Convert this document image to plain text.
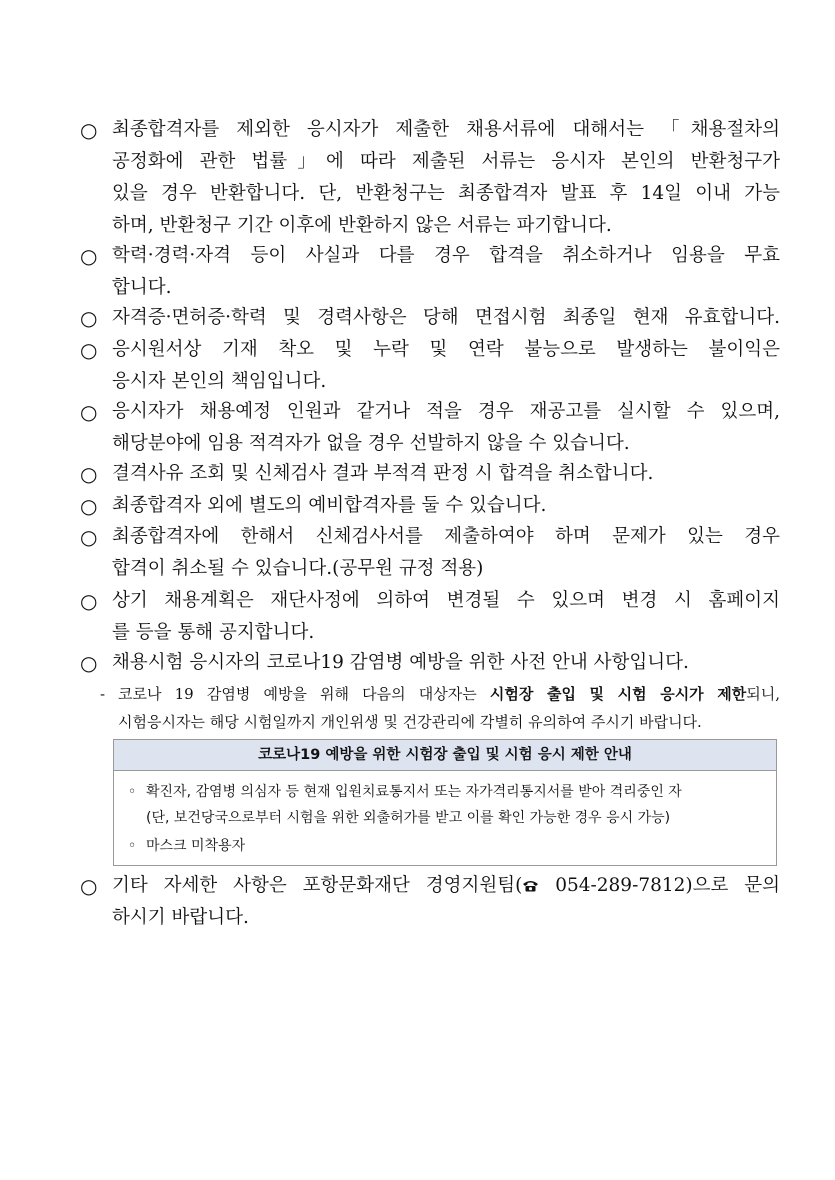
○ 최종합격자를 제외한 응시자가 제출한 채용서류에 대해서는 「채용절차의
공정화에 관한 법률」에 따라 제출된 서류는 응시자 본인의 반환청구가
있을 경우 반환합니다. 단, 반환청구는 최종합격자 발표 후 14일 이내 가능
하며, 반환청구 기간 이후에 반환하지 않은 서류는 파기합니다.
○ 학력·경력·자격 등이 사실과 다를 경우 합격을 취소하거나 임용을 무효
합니다.
○ 자격증·면허증·학력 및 경력사항은 당해 면접시험 최종일 현재 유효합니다.
○ 응시원서상 기재 착오 및 누락 및 연락 불능으로 발생하는 불이익은
응시자 본인의 책임입니다.
○ 응시자가 채용예정 인원과 같거나 적을 경우 재공고를 실시할 수 있으며,
해당분야에 임용 적격자가 없을 경우 선발하지 않을 수 있습니다.
○ 결격사유 조회 및 신체검사 결과 부적격 판정 시 합격을 취소합니다.
○ 최종합격자 외에 별도의 예비합격자를 둘 수 있습니다.
○ 최종합격자에 한해서 신체검사서를 제출하여야 하며 문제가 있는 경우
합격이 취소될 수 있습니다.(공무원 규정 적용)
○ 상기 채용계획은 재단사정에 의하여 변경될 수 있으며 변경 시 홈페이지
를 등을 통해 공지합니다.
○ 채용시험 응시자의 코로나19 감염병 예방을 위한 사전 안내 사항입니다.
- 코로나 19 감염병 예방을 위해 다음의 대상자는 시험장 출입 및 시험 응시가 제한되니,
시험응시자는 해당 시험일까지 개인위생 및 건강관리에 각별히 유의하여 주시기 바랍니다.
코로나19 예방을 위한 시험장 출입 및 시험 응시 제한 안내
◦ 확진자, 감염병 의심자 등 현재 입원치료통지서 또는 자가격리통지서를 받아 격리중인 자
(단, 보건당국으로부터 시험을 위한 외출허가를 받고 이를 확인 가능한 경우 응시 가능)
◦ 마스크 미착용자
○ 기타 자세한 사항은 포항문화재단 경영지원팀( 054-289-7812)으로 문의
하시기 바랍니다.
